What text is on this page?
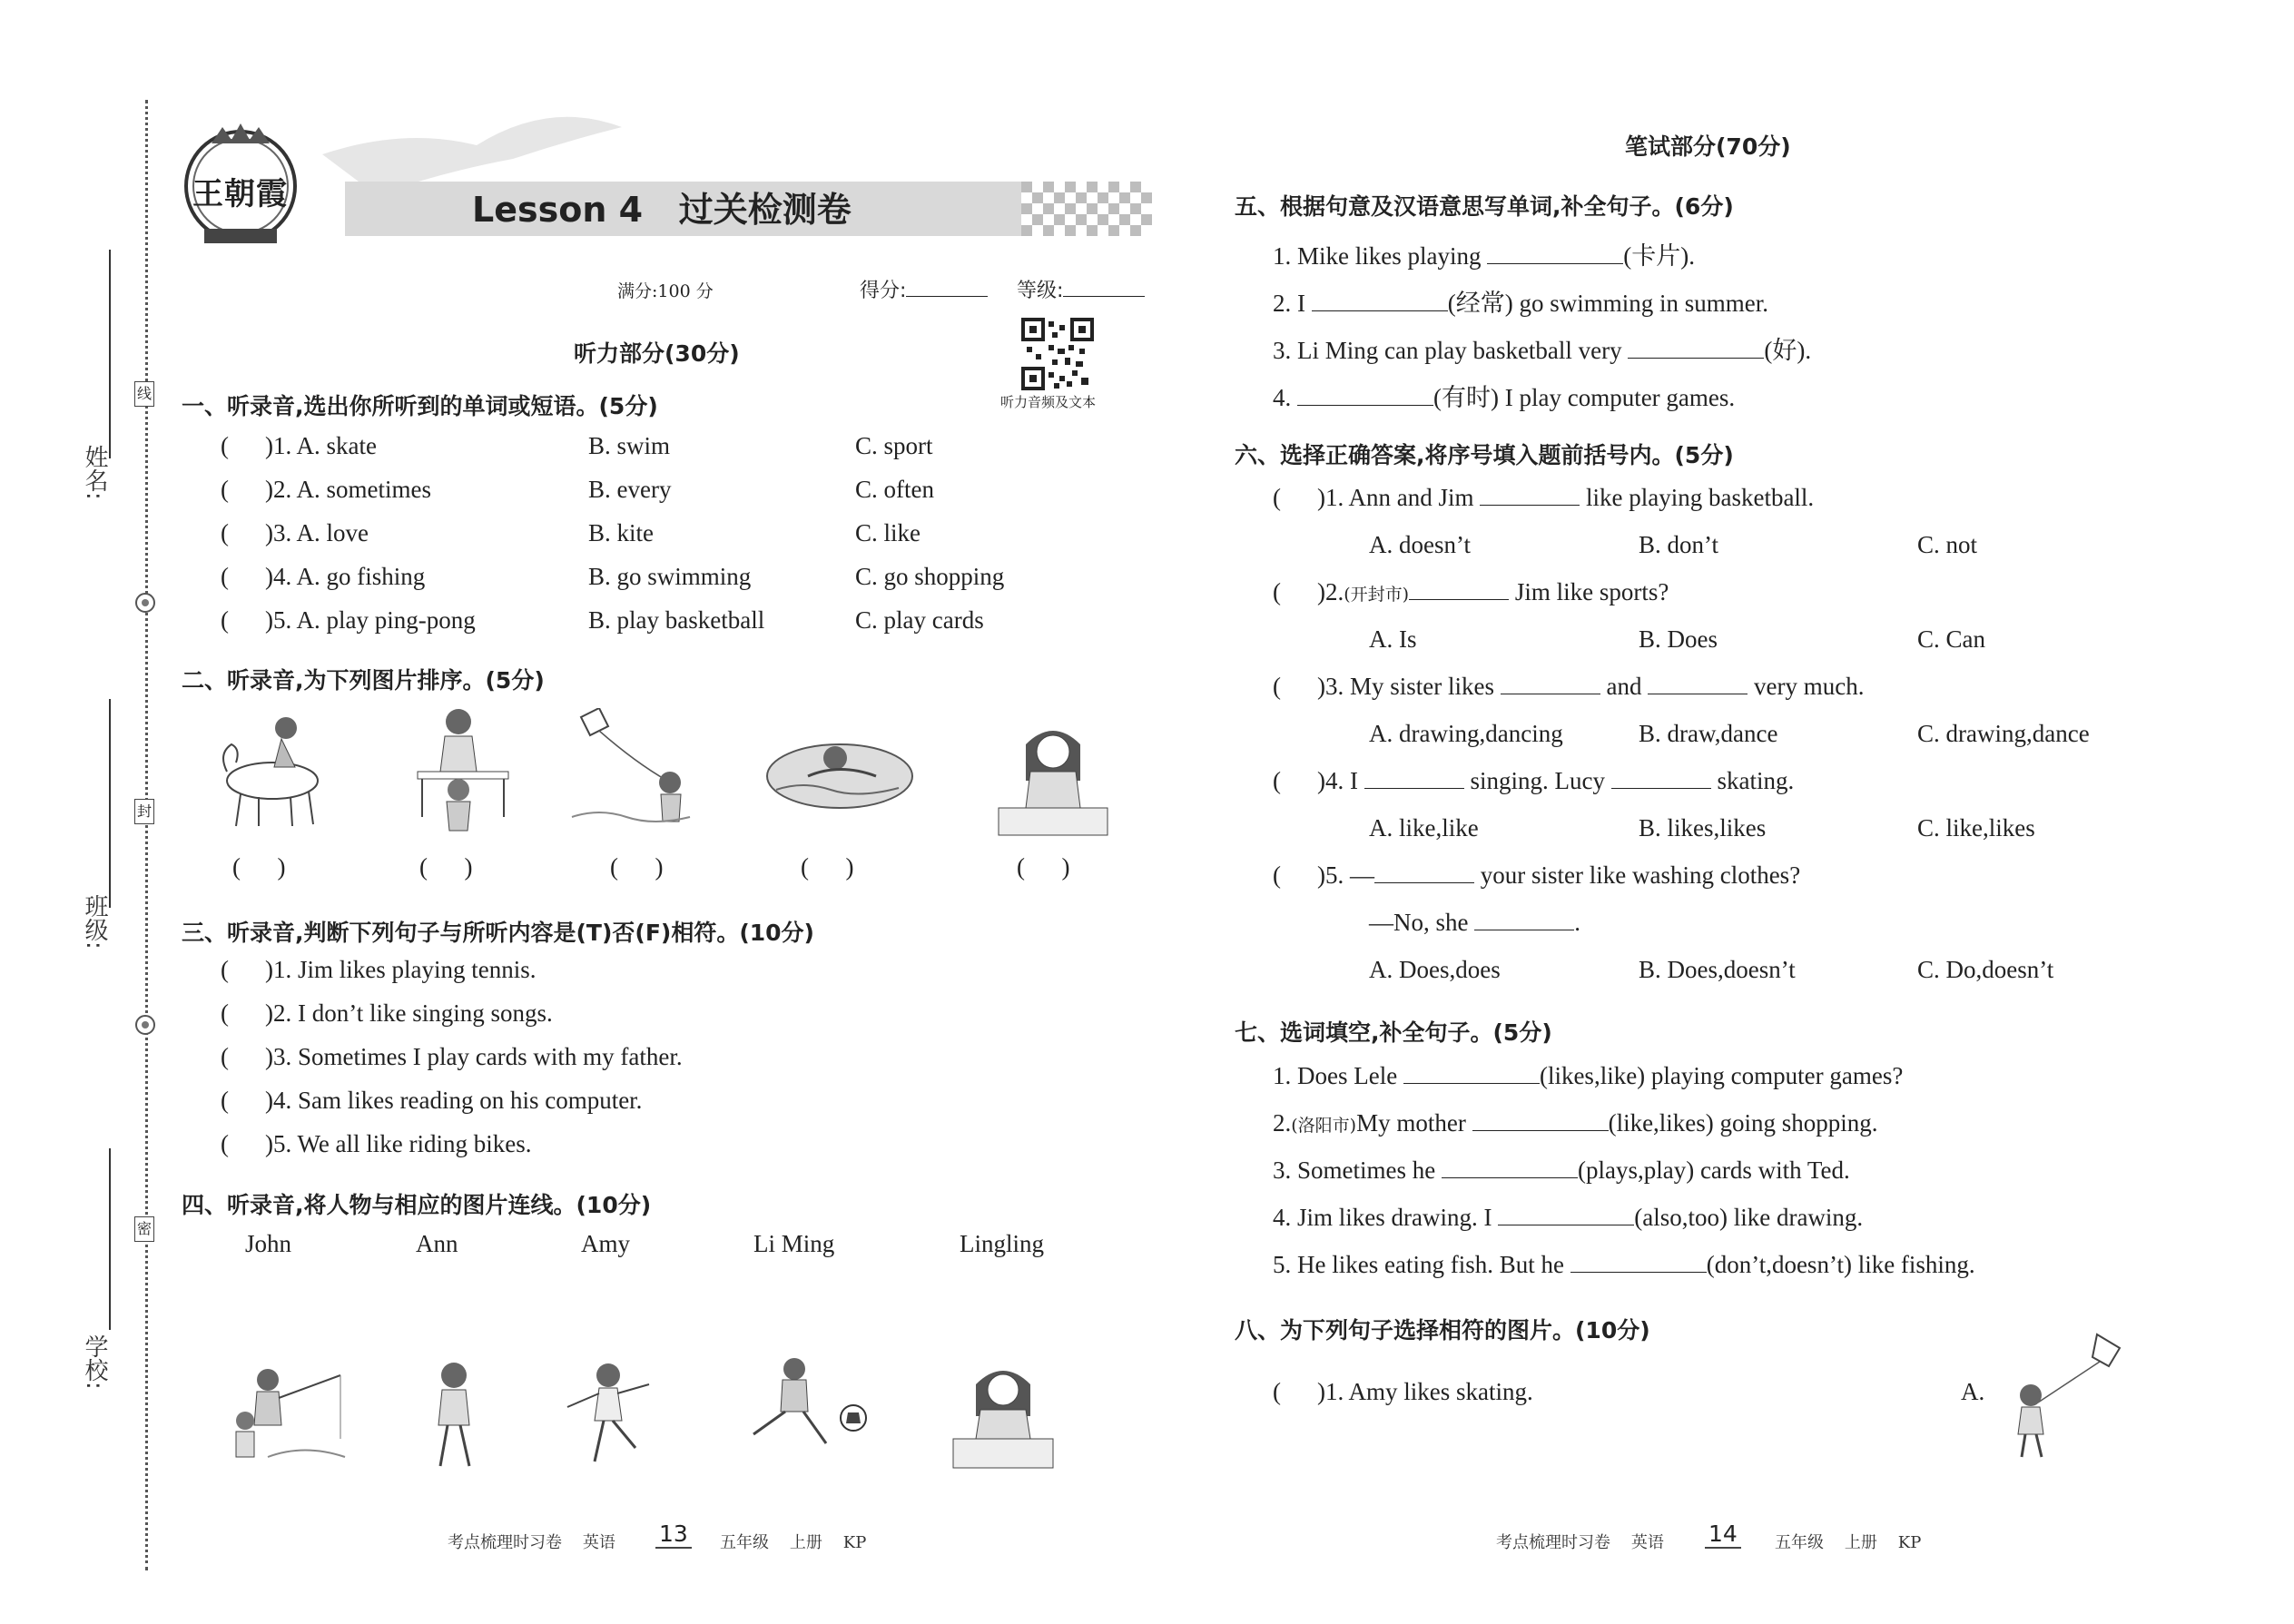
姓名:
班级:
学校:
线
封
密
王朝霞	Lesson 4   过关检测卷
满分:100 分	得分:	等级:
听力音频及文本
听力部分(30分)
一、听录音,选出你所听到的单词或短语。(5分)
( )1. A. skate	B. swim	C. sport
( )2. A. sometimes	B. every	C. often
( )3. A. love	B. kite	C. like
( )4. A. go fishing	B. go swimming	C. go shopping
( )5. A. play ping-pong	B. play basketball	C. play cards
二、听录音,为下列图片排序。(5分)
(      )	(      )	(      )	(      )	(      )
三、听录音,判断下列句子与所听内容是(T)否(F)相符。(10分)
( )1. Jim likes playing tennis.
( )2. I don’t like singing songs.
( )3. Sometimes I play cards with my father.
( )4. Sam likes reading on his computer.
( )5. We all like riding bikes.
四、听录音,将人物与相应的图片连线。(10分)
John	Ann	Amy	Li Ming	Lingling
考点梳理时习卷 英语 13 五年级 上册 KP
笔试部分(70分)
五、根据句意及汉语意思写单词,补全句子。(6分)
1. Mike likes playing	(卡片).
2. I	(经常) go swimming in summer.
3. Li Ming can play basketball very	(好).
4.	(有时) I play computer games.
六、选择正确答案,将序号填入题前括号内。(5分)
( )1. Ann and Jim	like playing basketball.
A. doesn’t	B. don’t	C. not
( )2.(开封市)	Jim like sports?
A. Is	B. Does	C. Can
( )3. My sister likes	and	very much.
A. drawing,dancing	B. draw,dance	C. drawing,dance
( )4. I	singing. Lucy	skating.
A. like,like	B. likes,likes	C. like,likes
( )5. —	your sister like washing clothes?
—No, she	.
A. Does,does	B. Does,doesn’t	C. Do,doesn’t
七、选词填空,补全句子。(5分)
1. Does Lele	(likes,like) playing computer games?
2.(洛阳市)My mother	(like,likes) going shopping.
3. Sometimes he	(plays,play) cards with Ted.
4. Jim likes drawing. I	(also,too) like drawing.
5. He likes eating fish. But he	(don’t,doesn’t) like fishing.
八、为下列句子选择相符的图片。(10分)
( )1. Amy likes skating.	A.
考点梳理时习卷 英语 14 五年级 上册 KP
